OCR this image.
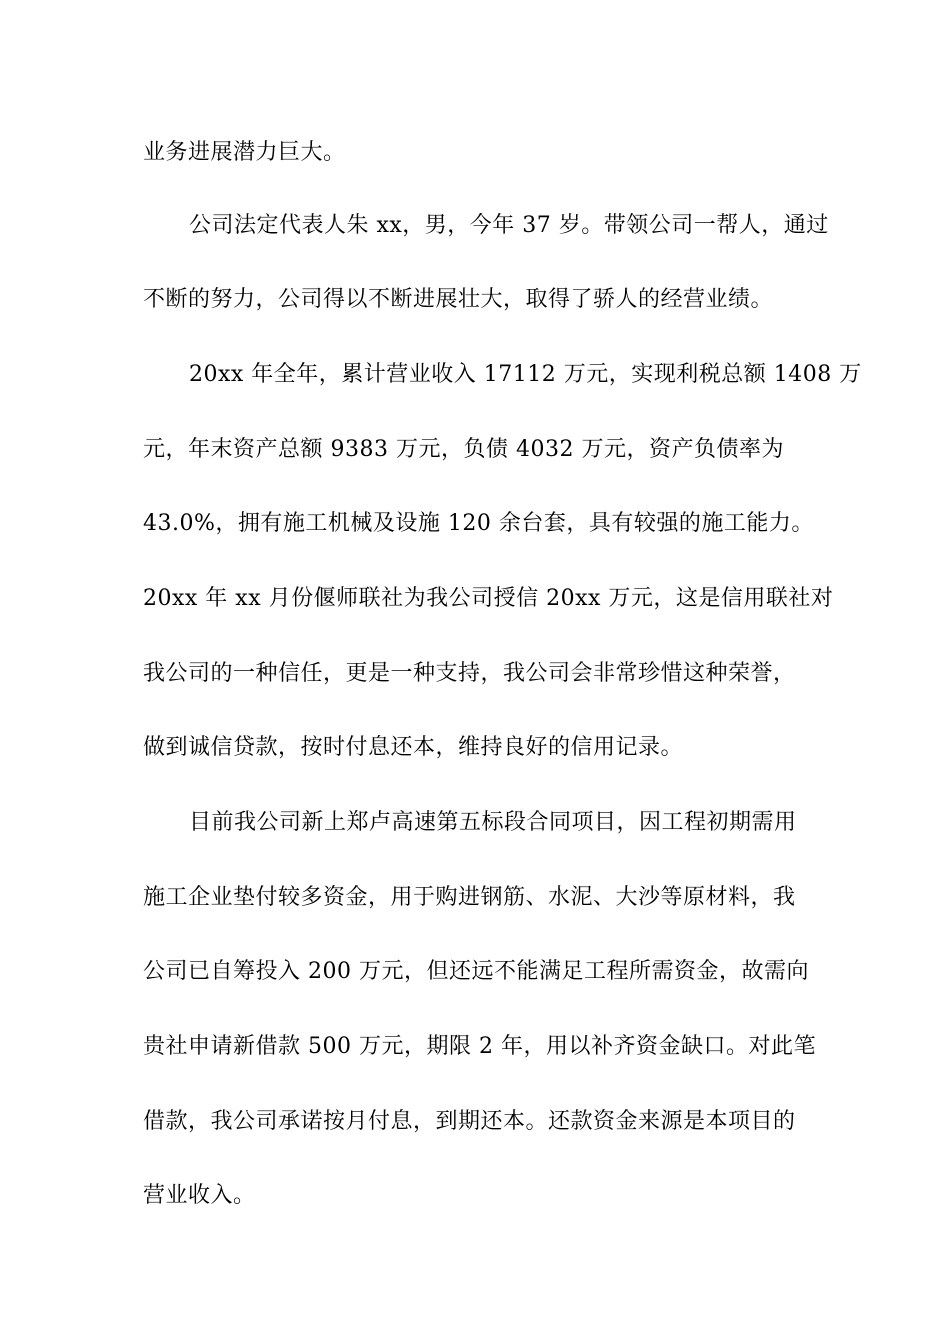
业务进展潜力巨大。
公司法定代表人朱 xx，男，今年 37 岁。带领公司一帮人，通过
不断的努力，公司得以不断进展壮大，取得了骄人的经营业绩。
20xx 年全年，累计营业收入 17112 万元，实现利税总额 1408 万
元，年末资产总额 9383 万元，负债 4032 万元，资产负债率为
43.0%，拥有施工机械及设施 120 余台套，具有较强的施工能力。
20xx 年 xx 月份偃师联社为我公司授信 20xx 万元，这是信用联社对
我公司的一种信任，更是一种支持，我公司会非常珍惜这种荣誉，
做到诚信贷款，按时付息还本，维持良好的信用记录。
目前我公司新上郑卢高速第五标段合同项目，因工程初期需用
施工企业垫付较多资金，用于购进钢筋、水泥、大沙等原材料，我
公司已自筹投入 200 万元，但还远不能满足工程所需资金，故需向
贵社申请新借款 500 万元，期限 2 年，用以补齐资金缺口。对此笔
借款，我公司承诺按月付息，到期还本。还款资金来源是本项目的
营业收入。
